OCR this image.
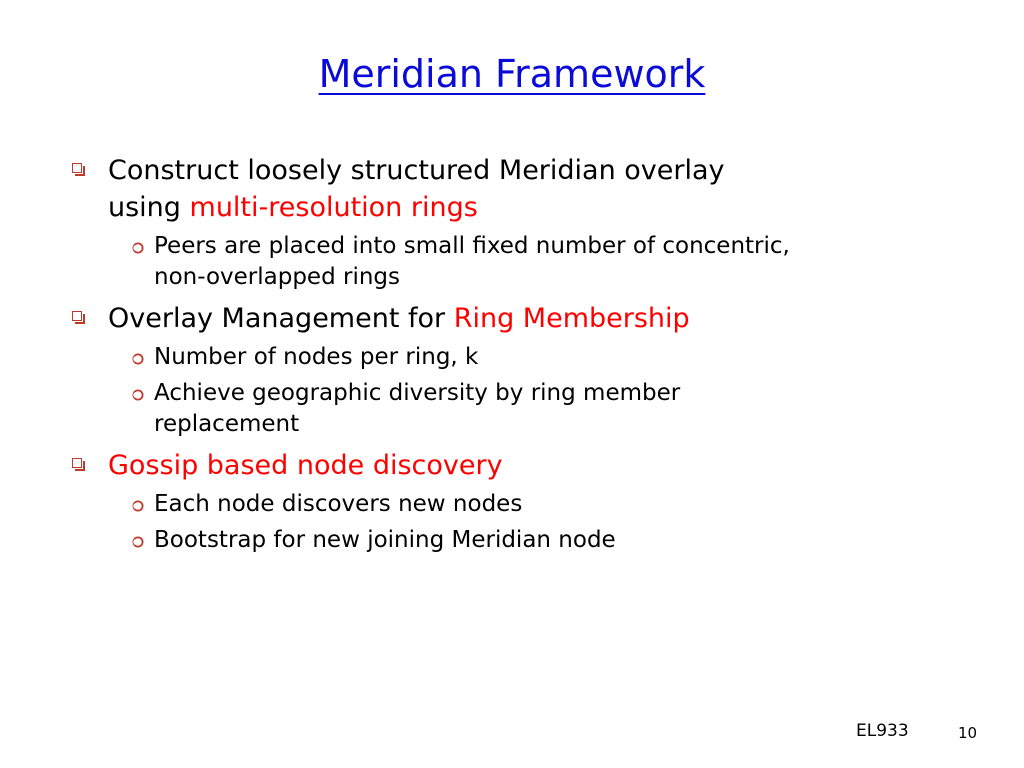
Meridian Framework
Construct loosely structured Meridian overlay
using multi-resolution rings
Peers are placed into small fixed number of concentric,
non-overlapped rings
Overlay Management for Ring Membership
Number of nodes per ring, k
Achieve geographic diversity by ring member
replacement
Gossip based node discovery
Each node discovers new nodes
Bootstrap for new joining Meridian node
EL933	10
